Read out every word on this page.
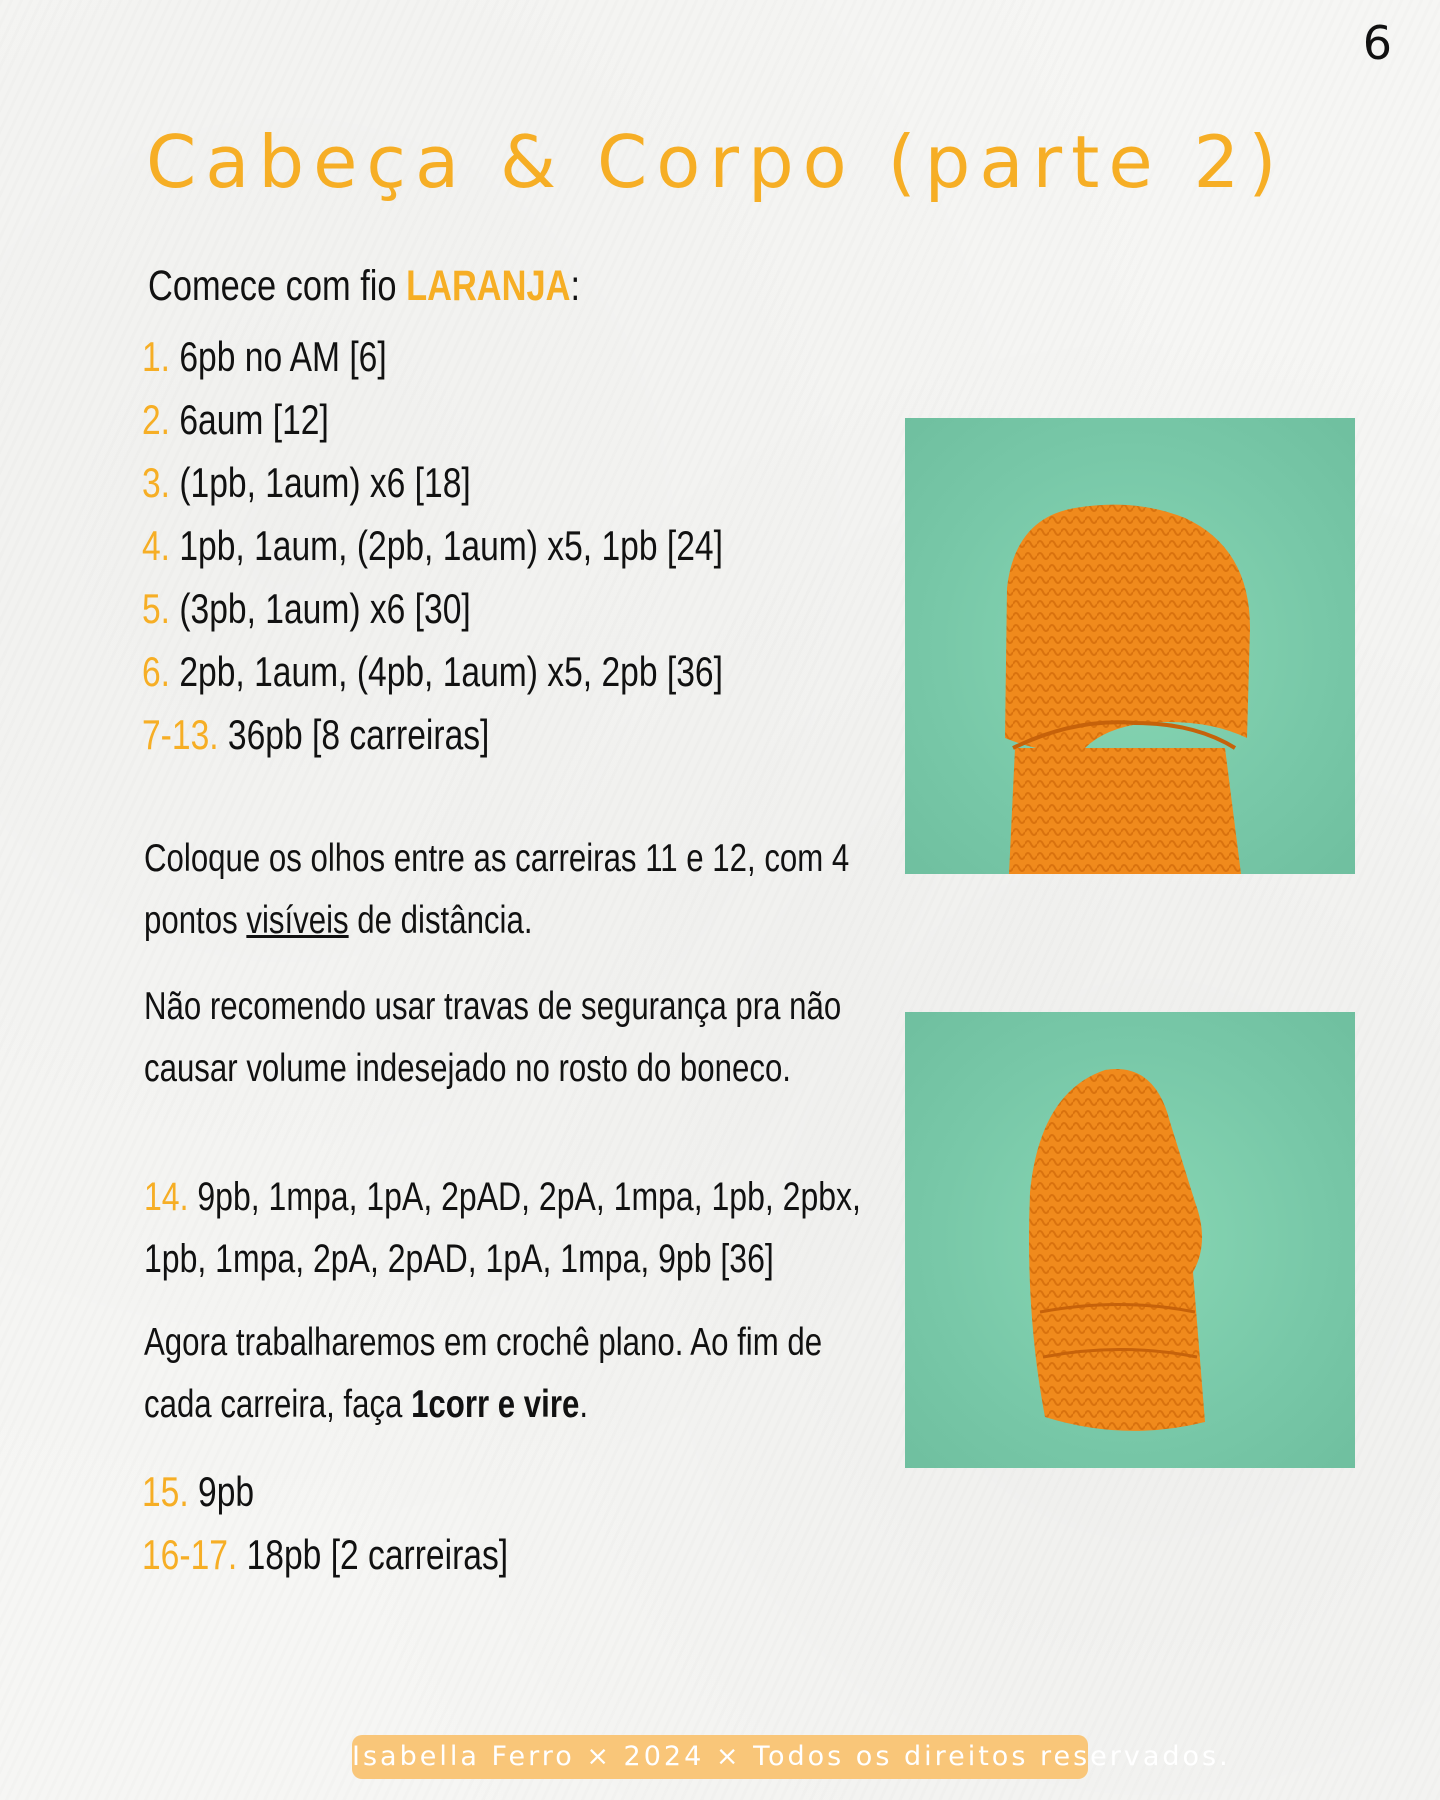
6
Cabeça & Corpo (parte 2)
Comece com fio LARANJA:
1. 6pb no AM [6]
2. 6aum [12]
3. (1pb, 1aum) x6 [18]
4. 1pb, 1aum, (2pb, 1aum) x5, 1pb [24]
5. (3pb, 1aum) x6 [30]
6. 2pb, 1aum, (4pb, 1aum) x5, 2pb [36]
7-13. 36pb [8 carreiras]
Coloque os olhos entre as carreiras 11 e 12, com 4
pontos visíveis de distância.
Não recomendo usar travas de segurança pra não
causar volume indesejado no rosto do boneco.
14. 9pb, 1mpa, 1pA, 2pAD, 2pA, 1mpa, 1pb, 2pbx,
1pb, 1mpa, 2pA, 2pAD, 1pA, 1mpa, 9pb [36]
Agora trabalharemos em crochê plano. Ao fim de
cada carreira, faça 1corr e vire.
15. 9pb
16-17. 18pb [2 carreiras]
Isabella Ferro × 2024 × Todos os direitos reservados.
